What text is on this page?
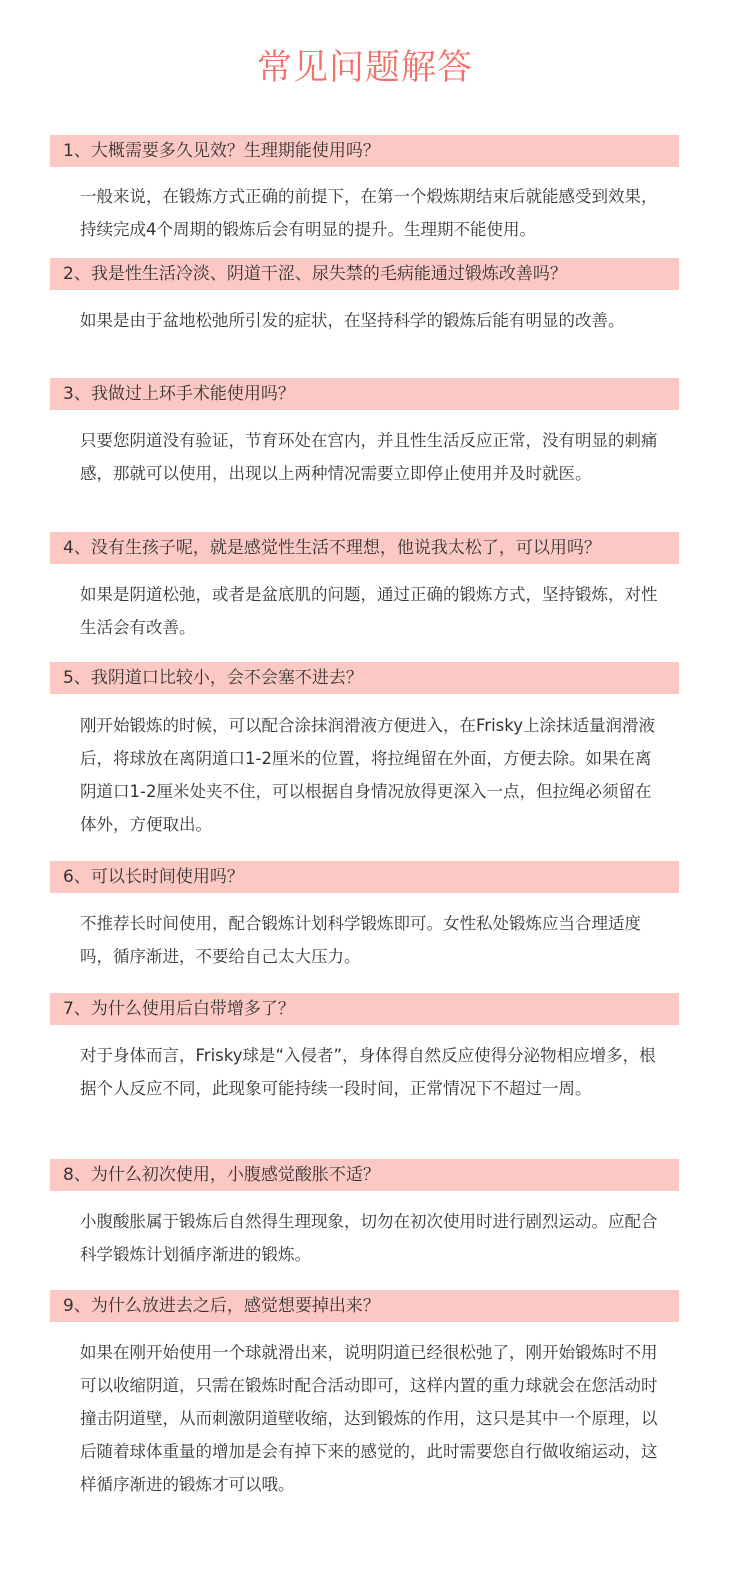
常见问题解答
1、大概需要多久见效？生理期能使用吗？

一般来说，在锻炼方式正确的前提下，在第一个煅炼期结束后就能感受到效果，持续完成4个周期的锻炼后会有明显的提升。生理期不能使用。

2、我是性生活冷淡、阴道干涩、尿失禁的毛病能通过锻炼改善吗？

如果是由于盆地松弛所引发的症状，在坚持科学的锻炼后能有明显的改善。

3、我做过上环手术能使用吗？

只要您阴道没有验证，节育环处在宫内，并且性生活反应正常，没有明显的刺痛感，那就可以使用，出现以上两种情况需要立即停止使用并及时就医。

4、没有生孩子呢，就是感觉性生活不理想，他说我太松了，可以用吗？

如果是阴道松弛，或者是盆底肌的问题，通过正确的锻炼方式，坚持锻炼，对性生活会有改善。

5、我阴道口比较小，会不会塞不进去？

刚开始锻炼的时候，可以配合涂抹润滑液方便进入，在Frisky上涂抹适量润滑液后，将球放在离阴道口1-2厘米的位置，将拉绳留在外面，方便去除。如果在离阴道口1-2厘米处夹不住，可以根据自身情况放得更深入一点，但拉绳必须留在体外，方便取出。

6、可以长时间使用吗？

不推荐长时间使用，配合锻炼计划科学锻炼即可。女性私处锻炼应当合理适度吗，循序渐进，不要给自己太大压力。

7、为什么使用后白带增多了？

对于身体而言，Frisky球是“入侵者”，身体得自然反应使得分泌物相应增多，根据个人反应不同，此现象可能持续一段时间，正常情况下不超过一周。

8、为什么初次使用，小腹感觉酸胀不适？

小腹酸胀属于锻炼后自然得生理现象，切勿在初次使用时进行剧烈运动。应配合科学锻炼计划循序渐进的锻炼。

9、为什么放进去之后，感觉想要掉出来？

如果在刚开始使用一个球就滑出来，说明阴道已经很松弛了，刚开始锻炼时不用可以收缩阴道，只需在锻炼时配合活动即可，这样内置的重力球就会在您活动时撞击阴道壁，从而刺激阴道壁收缩，达到锻炼的作用，这只是其中一个原理，以后随着球体重量的增加是会有掉下来的感觉的，此时需要您自行做收缩运动，这样循序渐进的锻炼才可以哦。
